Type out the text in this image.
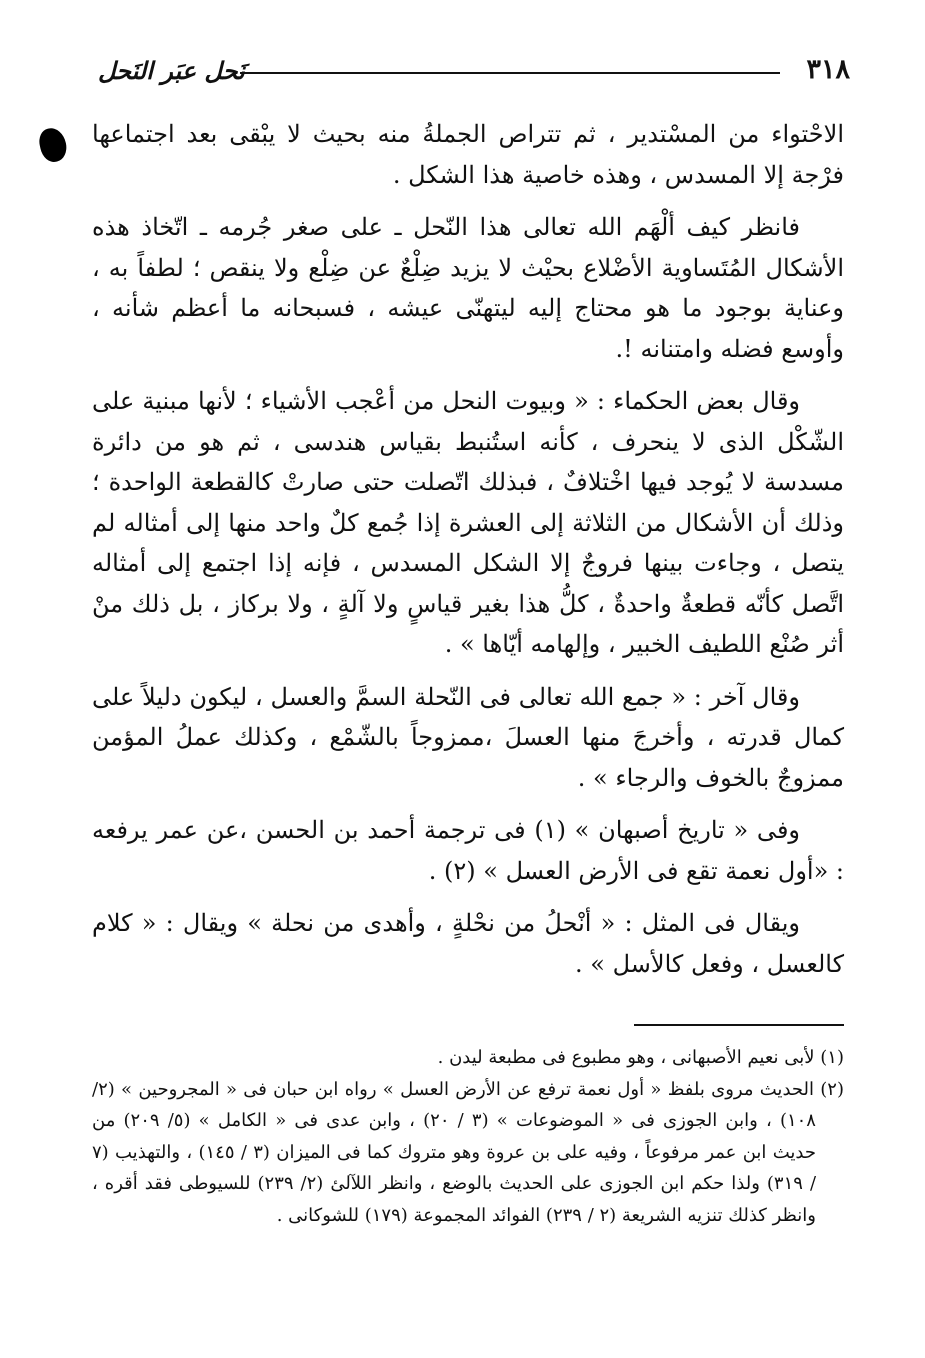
٣١٨
نَحل عبَر النَحل

الاحْتواء من المسْتدير ، ثم تتراص الجملةُ منه بحيث لا يبْقى بعد اجتماعها فرْجة إلا المسدس ، وهذه خاصية هذا الشكل .

فانظر كيف ألْهَم الله تعالى هذا النّحل ـ على صغر جُرمه ـ اتّخاذ هذه الأشكال المُتَساوية الأضْلاع بحيْث لا يزيد ضِلْعٌ عن ضِلْع ولا ينقص ؛ لطفاً به ، وعناية بوجود ما هو محتاج إليه ليتهنّى عيشه ، فسبحانه ما أعظم شأنه ، وأوسع فضله وامتنانه !.

وقال بعض الحكماء : « وبيوت النحل من أعْجب الأشياء ؛ لأنها مبنية على الشّكْل الذى لا ينحرف ، كأنه استُنبط بقياس هندسى ، ثم هو من دائرة مسدسة لا يُوجد فيها اخْتلافٌ ، فبذلك اتّصلت حتى صارتْ كالقطعة الواحدة ؛ وذلك أن الأشكال من الثلاثة إلى العشرة إذا جُمع كلٌ واحد منها إلى أمثاله لم يتصل ، وجاءت بينها فروجٌ إلا الشكل المسدس ، فإنه إذا اجتمع إلى أمثاله اتَّصل كأنّه قطعةٌ واحدةٌ ، كلُّ هذا بغير قياسٍ ولا آلةٍ ، ولا بركاز ، بل ذلك منْ أثر صُنْع اللطيف الخبير ، وإلهامه أيّاها » .

وقال آخر : « جمع الله تعالى فى النّحلة السمَّ والعسل ، ليكون دليلاً على كمال قدرته ، وأخرجَ منها العسلَ ،ممزوجاً بالشّمْع ، وكذلك عملُ المؤمن ممزوجٌ بالخوف والرجاء » .

وفى « تاريخ أصبهان » (١) فى ترجمة أحمد بن الحسن ،عن عمر يرفعه : «أول نعمة تقع فى الأرض العسل » (٢) .

ويقال فى المثل : « أنْحلُ من نحْلةٍ ، وأهدى من نحلة » ويقال : « كلام كالعسل ، وفعل كالأسل » .

(١) لأبى نعيم الأصبهانى ، وهو مطبوع فى مطبعة ليدن .

(٢) الحديث مروى بلفظ « أول نعمة ترفع عن الأرض العسل » رواه ابن حبان فى « المجروحين » (٢/ ١٠٨) ، وابن الجوزى فى « الموضوعات » (٣ / ٢٠) ، وابن عدى فى « الكامل » (٥/ ٢٠٩) من حديث ابن عمر مرفوعاً ، وفيه على بن عروة وهو متروك كما فى الميزان (٣ / ١٤٥) ، والتهذيب (٧ / ٣١٩) ولذا حكم ابن الجوزى على الحديث بالوضع ، وانظر اللآلئ (٢/ ٢٣٩) للسيوطى فقد أقره ، وانظر كذلك تنزيه الشريعة (٢ / ٢٣٩) الفوائد المجموعة (١٧٩) للشوكانى .
